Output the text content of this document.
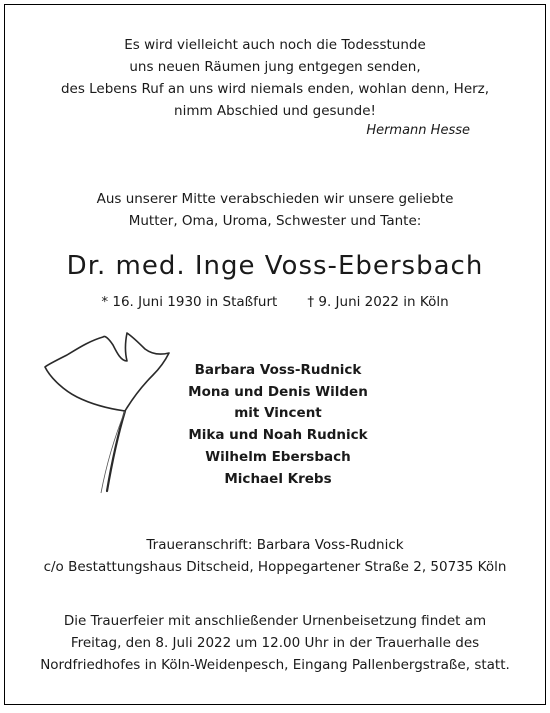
Es wird vielleicht auch noch die Todesstunde
uns neuen Räumen jung entgegen senden,
des Lebens Ruf an uns wird niemals enden, wohlan denn, Herz,
nimm Abschied und gesunde!
Hermann Hesse
Aus unserer Mitte verabschieden wir unsere geliebte
Mutter, Oma, Uroma, Schwester und Tante:
Dr. med. Inge Voss-Ebersbach
* 16. Juni 1930 in Staßfurt † 9. Juni 2022 in Köln
Barbara Voss-Rudnick
Mona und Denis Wilden
mit Vincent
Mika und Noah Rudnick
Wilhelm Ebersbach
Michael Krebs
Traueranschrift: Barbara Voss-Rudnick
c/o Bestattungshaus Ditscheid, Hoppegartener Straße 2, 50735 Köln
Die Trauerfeier mit anschließender Urnenbeisetzung findet am
Freitag, den 8. Juli 2022 um 12.00 Uhr in der Trauerhalle des
Nordfriedhofes in Köln-Weidenpesch, Eingang Pallenbergstraße, statt.
